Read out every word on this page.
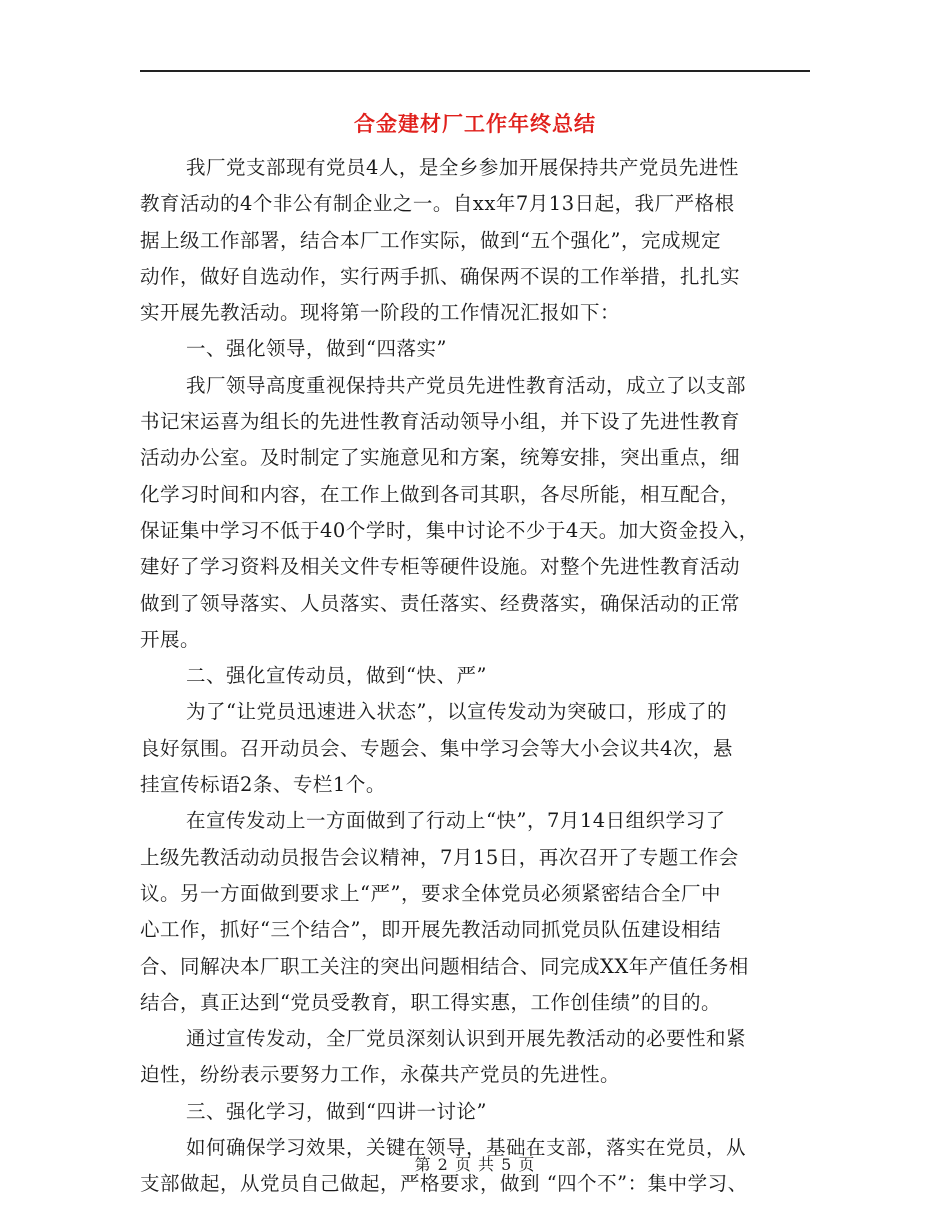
合金建材厂工作年终总结
我厂党支部现有党员4人，是全乡参加开展保持共产党员先进性
教育活动的4个非公有制企业之一。自xx年7月13日起，我厂严格根
据上级工作部署，结合本厂工作实际，做到“五个强化”，完成规定
动作，做好自选动作，实行两手抓、确保两不误的工作举措，扎扎实
实开展先教活动。现将第一阶段的工作情况汇报如下：
一、强化领导，做到“四落实”
我厂领导高度重视保持共产党员先进性教育活动，成立了以支部
书记宋运喜为组长的先进性教育活动领导小组，并下设了先进性教育
活动办公室。及时制定了实施意见和方案，统筹安排，突出重点，细
化学习时间和内容，在工作上做到各司其职，各尽所能，相互配合，
保证集中学习不低于40个学时，集中讨论不少于4天。加大资金投入，
建好了学习资料及相关文件专柜等硬件设施。对整个先进性教育活动
做到了领导落实、人员落实、责任落实、经费落实，确保活动的正常
开展。
二、强化宣传动员，做到“快、严”
为了“让党员迅速进入状态”，以宣传发动为突破口，形成了的
良好氛围。召开动员会、专题会、集中学习会等大小会议共4次，悬
挂宣传标语2条、专栏1个。
在宣传发动上一方面做到了行动上“快”，7月14日组织学习了
上级先教活动动员报告会议精神，7月15日，再次召开了专题工作会
议。另一方面做到要求上“严”，要求全体党员必须紧密结合全厂中
心工作，抓好“三个结合”，即开展先教活动同抓党员队伍建设相结
合、同解决本厂职工关注的突出问题相结合、同完成XX年产值任务相
结合，真正达到“党员受教育，职工得实惠，工作创佳绩”的目的。
通过宣传发动，全厂党员深刻认识到开展先教活动的必要性和紧
迫性，纷纷表示要努力工作，永葆共产党员的先进性。
三、强化学习，做到“四讲一讨论”
如何确保学习效果，关键在领导，基础在支部，落实在党员，从
支部做起，从党员自己做起，严格要求，做到 “四个不”：集中学习、
第 2 页 共 5 页
